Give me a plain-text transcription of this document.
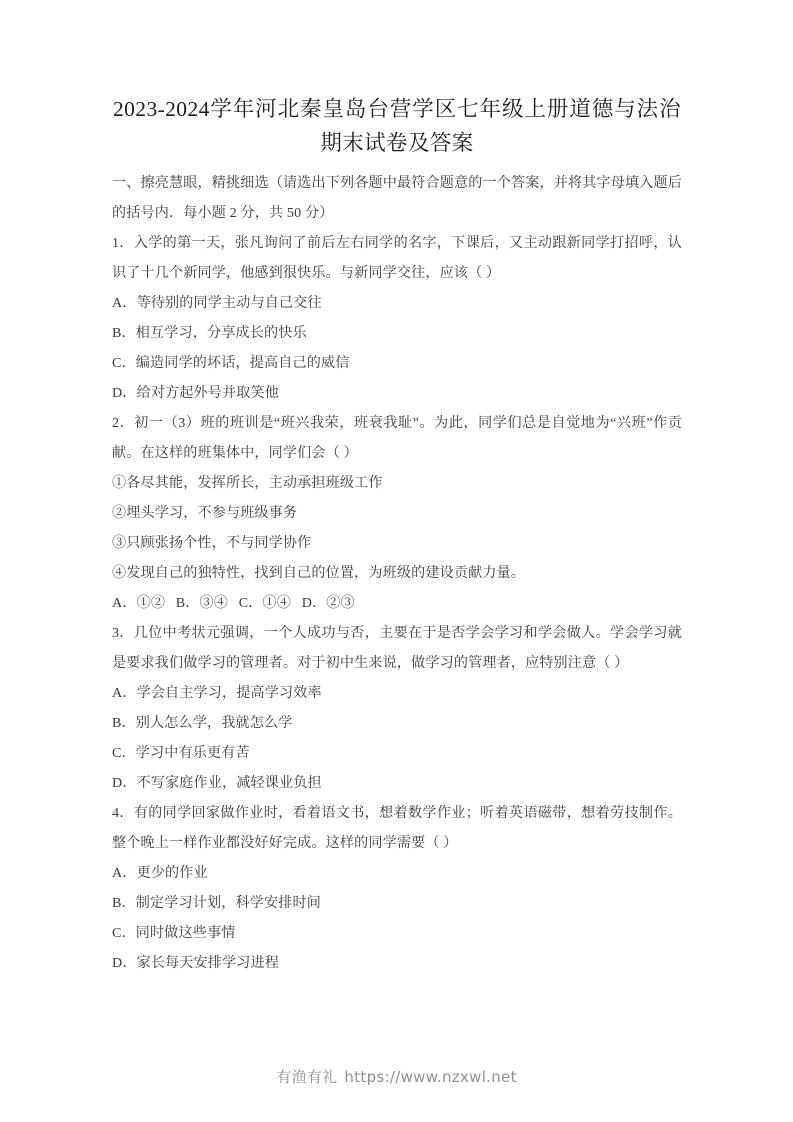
2023-2024学年河北秦皇岛台营学区七年级上册道德与法治
期末试卷及答案

一、擦亮慧眼，精挑细选（请选出下列各题中最符合题意的一个答案，并将其字母填入题后的括号内．每小题 2 分，共 50 分）

1．入学的第一天，张凡询问了前后左右同学的名字，下课后，又主动跟新同学打招呼，认识了十几个新同学，他感到很快乐。与新同学交往，应该（ ）

A．等待别的同学主动与自己交往

B．相互学习，分享成长的快乐

C．编造同学的坏话，提高自己的威信

D．给对方起外号并取笑他

2．初一（3）班的班训是“班兴我荣，班衰我耻”。为此，同学们总是自觉地为“兴班”作贡献。在这样的班集体中，同学们会（ ）

①各尽其能，发挥所长，主动承担班级工作

②埋头学习，不参与班级事务

③只顾张扬个性，不与同学协作

④发现自己的独特性，找到自己的位置，为班级的建设贡献力量。

A．①② B．③④ C．①④ D．②③

3．几位中考状元强调，一个人成功与否，主要在于是否学会学习和学会做人。学会学习就是要求我们做学习的管理者。对于初中生来说，做学习的管理者，应特别注意（ ）

A．学会自主学习，提高学习效率

B．别人怎么学，我就怎么学

C．学习中有乐更有苦

D．不写家庭作业，减轻课业负担

4．有的同学回家做作业时，看着语文书，想着数学作业；听着英语磁带，想着劳技制作。整个晚上一样作业都没好好完成。这样的同学需要（ ）

A．更少的作业

B．制定学习计划，科学安排时间

C．同时做这些事情

D．家长每天安排学习进程

有渔有礼 https://www.nzxwl.net
